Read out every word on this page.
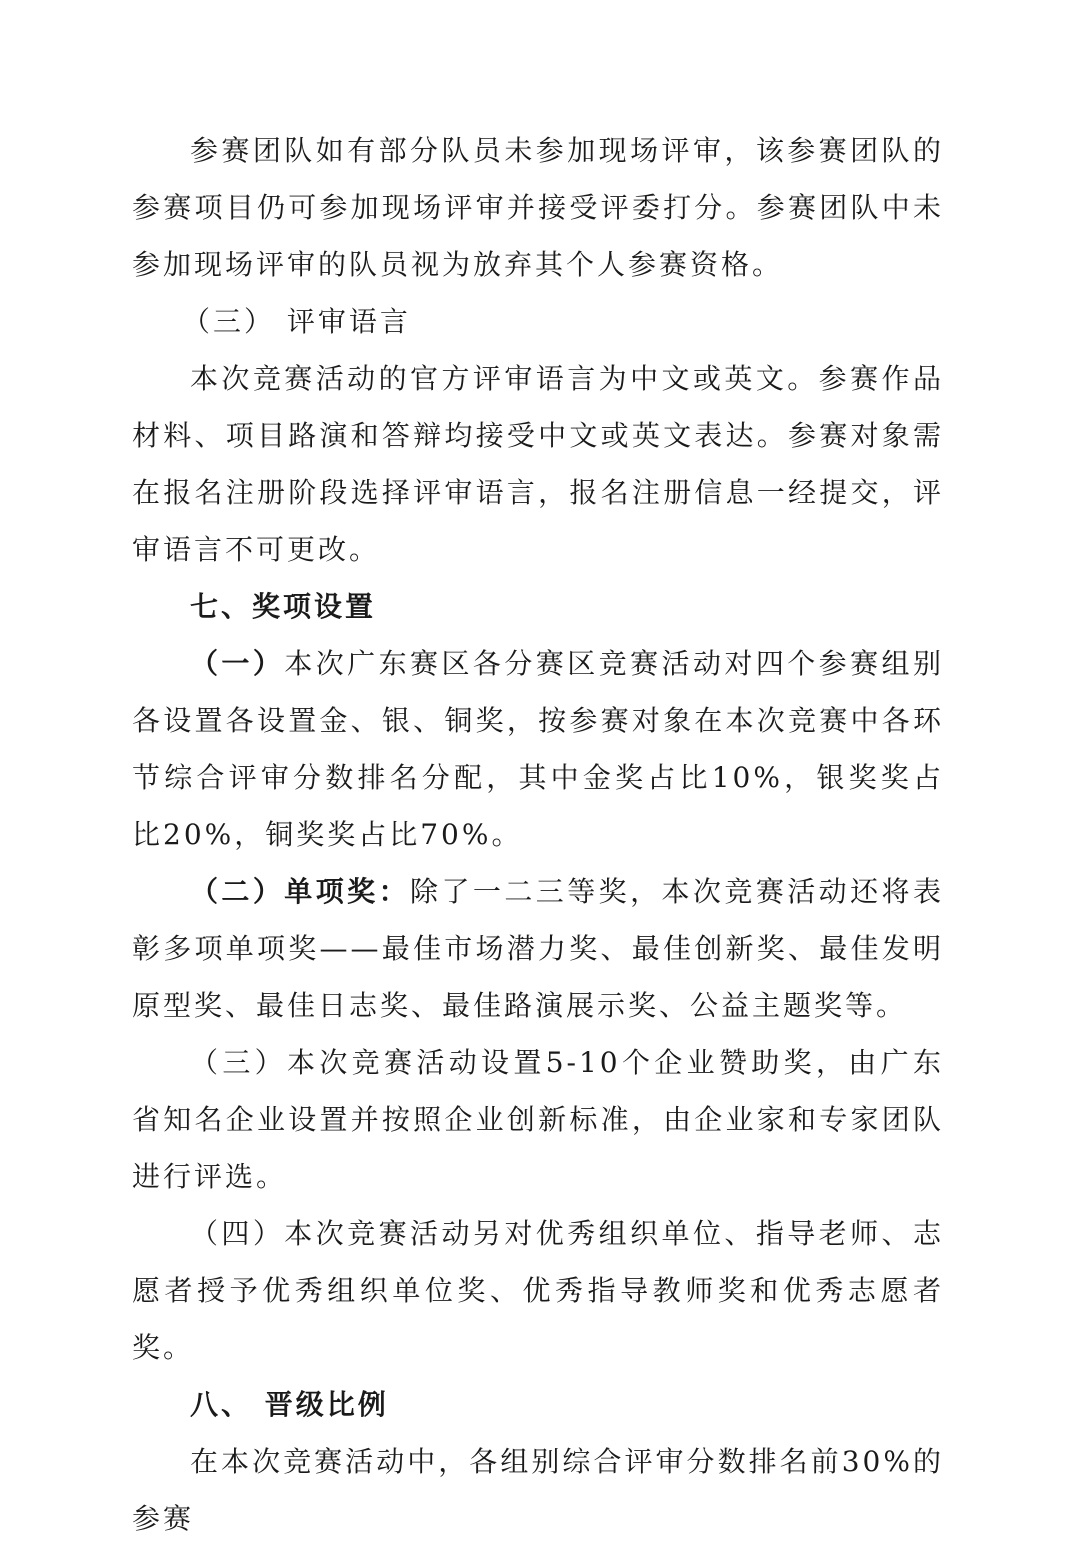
参赛团队如有部分队员未参加现场评审，该参赛团队的参赛项目仍可参加现场评审并接受评委打分。参赛团队中未参加现场评审的队员视为放弃其个人参赛资格。

（三） 评审语言

本次竞赛活动的官方评审语言为中文或英文。参赛作品材料、项目路演和答辩均接受中文或英文表达。参赛对象需在报名注册阶段选择评审语言，报名注册信息一经提交，评审语言不可更改。

七、奖项设置

（一）本次广东赛区各分赛区竞赛活动对四个参赛组别各设置各设置金、银、铜奖，按参赛对象在本次竞赛中各环节综合评审分数排名分配，其中金奖占比10%，银奖奖占比20%，铜奖奖占比70%。

（二）单项奖：除了一二三等奖，本次竞赛活动还将表彰多项单项奖——最佳市场潜力奖、最佳创新奖、最佳发明原型奖、最佳日志奖、最佳路演展示奖、公益主题奖等。

（三）本次竞赛活动设置5-10个企业赞助奖，由广东省知名企业设置并按照企业创新标准，由企业家和专家团队进行评选。

（四）本次竞赛活动另对优秀组织单位、指导老师、志愿者授予优秀组织单位奖、优秀指导教师奖和优秀志愿者奖。

八、 晋级比例

在本次竞赛活动中，各组别综合评审分数排名前30%的参赛
